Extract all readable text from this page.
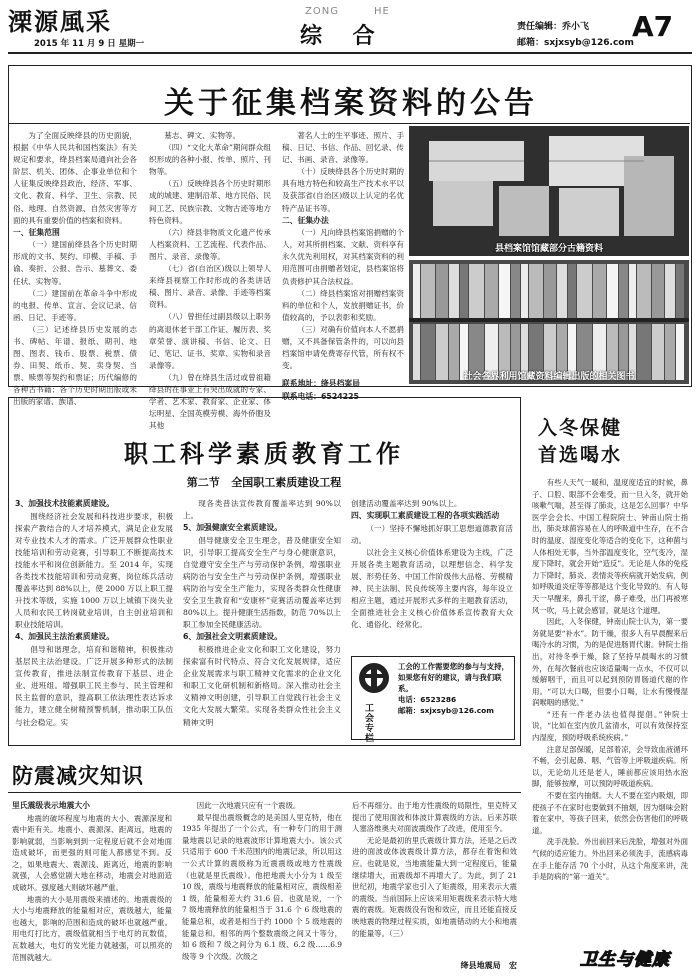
溧源風采
2015 年 11 月 9 日 星期一
ZONG	HE
综    合	责任编辑：乔小飞
邮箱：sxjxsyb@126.com
A7
关于征集档案资料的公告

为了全面反映绛县的历史面貌，根据《中华人民共和国档案法》有关规定和要求，绛县档案局通向社会各阶层、机关、团体、企事业单位和个人征集反映绛县政治、经济、军事、文化、教育、科学、卫生、宗教、民俗、地理、自然资源、自然灾害等方面的具有重要价值的档案和资料。

一、征集范围

（一）建国前绛县各个历史时期形成的文书、契约、印模、手稿、手谕、奏折、公报、告示、墓葬文、委任状、实物等。

（二）建国前在革命斗争中形成的电报、传单、宣言、会议记录、信函、日记、手迹等。

（三）记述绛县历史发展的志书、碑帖、年谱、报纸、期刊、地图、图表、钱币、股票、税票、债券、田契、纸币、契、卖身契、当票、赎票等契约和票证；历代编修的各种古书籍；各个历史时期出版或未出版的家谱、族谱、

墓志、碑文、实物等。

（四）“文化大革命”期间群众组织形成的各种小报、传单、照片、刊物等。

（五）反映绛县各个历史时期形成的城建、建制沿革、地方民俗、民间工艺、民族宗教、文物古迹等地方特色资料。

（六）绛县非物质文化遗产传承人档案资料、工艺流程、代表作品、图片、录音、录像等。

（七）省(自治区)级以上领导人来绛县视察工作时形成的各类讲话稿、图片、录音、录像、手迹等档案资料。

（八）曾担任过副县级以上职务的离退休老干部工作证、履历表、奖章荣誉、演讲稿、书信、论文、日记、笔记、证书、奖章、实物和录音录像等。

（九）曾在绛县生活过或曾祖籍绛县的在事业上有突出成就的专家、学者、艺术家、教育家、企业家、体坛明星、全国英模劳模、海外侨胞及其他

著名人士的生平事迹、照片、手稿、日记、书信、作品、回忆录、传记、书画、录音、录像等。

（十）反映绛县各个历史时期的具有地方特色和较高生产技术水平以及获部省(自治区)级以上认定的名优特产品证书等。

二、征集办法

（一）凡向绛县档案馆捐赠的个人，对其所捐档案、文献、资料享有永久优先利用权，对其档案资料的利用范围可由捐赠者划定，县档案馆将负责修护其合法权益。

（二）绛县档案馆对捐赠档案资料的单位和个人，发放捐赠证书，价值较高的，予以表彰和奖励。

（三）对确有价值向本人不愿捐赠，又不具备保管条件的，可以向县档案馆申请免费寄存代管，所有权不变。

联系地址：绛县档案局
联系电话：6524225
县档案馆馆藏部分古籍资料
社会各界利用馆藏资料编辑出版的相关图书
职工科学素质教育工作
第二节   全国职工素质建设工程
3、加强技术技能素质建设。

围绕经济社会发展和科技进步要求，积极探索产教结合的人才培养模式，满足企业发展对专业技术人才的需求。广泛开展群众性职业技能培训和劳动竞赛，引导职工不断提高技术技能水平和岗位创新能力。至 2014 年，实现各类技术技能培训和劳动竞赛，岗位练兵活动覆盖率达到 88%以上，使 2000 万以上职工提升技术等级，实施 1000 万以上城镇下岗失业人员和农民工转岗就业培训，自主创业培训和职业技能培训。

4、加强民主法治素质建设。

倡导和谐理念，培育和谐精神，积极推动基层民主法治建设。广泛开展多种形式的法制宣传教育，推进法制宣传教育下基层、进企业、进班组。增强职工民主参与、民主管理和民主监督的意识，提高职工依法理性表达诉求能力，建立健全树精预警机制，推动职工队伍与社会稳定。实

现各类普法宣传教育覆盖率达到 90%以上。

5、加强健康安全素质建设。

倡导健康安全卫生理念，普及健康安全知识，引导职工提高安全生产与身心健康意识，自觉遵守安全生产与劳动保护条例，增强职业病防治与安全生产与劳动保护条例，增强职业病防治与安全生产能力，实现各类群众性健康安全卫生教育和“安康杯”竞赛活动覆盖率达到 80%以上。提升健康生活指数，防范 70%以上职工参加全民健康活动。

6、加强社会文明素质建设。

积极推进企业文化和职工文化建设，努力探索富有时代特点、符合文化发展规律，适应企业发展需求与职工精神文化需求的企业文化和职工文化研机制和新格局。深入推动社会主义精神文明创建，引导职工自觉践行社会主义文化大发展大繁荣。实现各类群众性社会主义精神文明

创建活动覆盖率达到 90%以上。

四、实现职工素质建设工程的各项实践活动

（一）坚持不懈地抓好职工思想道德教育活动。

以社会主义核心价值体系建设为主线，广泛开展各类主题教育活动，以理想信念、科学发展、形势任务、中国工作阶级伟大品格、劳模精神、民主法制、民良传统等主要内容，每年设立相应主题，通过开展形式多样的主题教育活动，全面推进社会主义核心价值体系宣传教育大众化、通俗化、经常化。

工会专栏
工会的工作需要您的参与与支持，如果您有好的建议，请与我们联系。
电话：6523286
邮箱：sxjxsyb@126.com
入冬保健
首选喝水

有些人天气一暖和，温度度适宜的时候，鼻子、口腔、眼部不会难受，而一旦入冬，就开始咳嗽气喘，甚至得了肺炎，这是怎么回事？中华医学会会长、中国工程院院士、钟南山院士指出，肺炎球菌容易在人的呼吸道中生存，在不合时的温度、湿度变化等适合的变化下，这种菌与人体相处无事，当外部温度变化，空气变冷，湿度下降时，就会开始“造反”。无论是人体的免疫力下降时，肺炎、表情炎等疾病就开始发病，例如呼吸道炎症等等都是这个变化导致的。有人每天一早醒来，鼻孔干涩，鼻子难受，出门再被寒风一吹，马上就会感冒，就是这个道理。

因此，入冬保健，钟南山院士认为，第一要务就是要“补水”。防干燥，很多人有早晨醒来后喝冷水的习惯，为的是促进肠胃代谢。钟院士指出，对待冬季干燥，除了坚持早晨喝水的习惯外，在每次餐前也应该适量喝一点水，不仅可以缓解咽干，而且可以起到预防胃肠道代谢的作用。“可以大口喝，但要小口喝，让水有慢慢湿润喉咽的感觉。”

“还有一件老办法也值得提倡。”钟院士说，“比如在室内放几盆清水，可以有效保持室内湿度，预防呼吸系统疾病。”

注意足部保暖，足部着凉，会导致血液循环不畅，会引起鼻、咽、气管等上呼吸道疾病。所以，无论幼儿还是老人，睡前都应该用热水泡脚，能够按摩，可以预防呼吸道疾病。

不要在室内抽烟。大人不要在室内吸烟，即使孩子不在家时也要做到不抽烟，因为烟味会附着在家中，等孩子回来，依然会伤害他们的呼吸道。

洗手洗脸。外出前回来后洗脸，增强对外面气候的适应能力。外出回来必须洗手，流感病毒在手上能存活 70 个小时，从这个角度来讲，洗手是防病的“第一道关”。

卫生与健康
防震减灾知识
里氏震级表示地震大小

地震的破坏程度与地震的大小、震源深度和震中距有关。地震小、震源深、距离远，地震的影响就弱，当影响到到一定程度后就不会对地面造成破坏，而更强的则可能人都感觉不到。反之，如果地震大、震源浅、距离近，地震的影响就强，人会感觉剧大地在移动，地震会对地面造成破坏。强度越大则破坏越严重。

地震的大小是用震级来描述的。地震震级的大小与地震释放的能量相对应，震级越大，能量也越大，影响的范围和造成的破坏也就越严重。用电灯打比方，震级值就相当于电灯的瓦数值，瓦数越大，电灯的发光能力就越强，可以照亮的范围就越大。

因此一次地震只应有一个震级。

最早提出震级概念的是美国人里克特，他在 1935 年提出了一个公式，有一种专门的用于测量地震以记录的地震波形计算地震大小。该公式只适用于 600 千米范围内的地震记录，所以用这一公式计算的震级称为近震震级或地方性震级（也就是里氏震级）。他把地震大小分为 1 级至 10 级，震级与地震释放的能量相对应，震级相差 1 级，能量相差大约 31.6 倍。也就是说，一个 7 级地震释放的能量相当于 31.6 个 6 级地震的能量总和，或者是相当于约 1000 个 5 级地震的能量总和。相邻的两个整数震级之间又十等分，如 6 级和 7 级之间分为 6.1 级、6.2 级……6.9 级等 9 个次级。次级之

后不再细分。由于地方性震级的局限性，里克特又提出了使用面波和体波计算震级的方法。后来苏联人塞洛维奥夫对面波震级作了改进，使用至今。

无论是最初的里氏震级计算方法，还是之后改进的面波或体波震级计算方法，都存在着饱和效应。也就是说，当地震能量大到一定程度后，能量继续增大，而震级却不再增大了。为此，到了 21 世纪初，地震学家也引入了矩震级，用来表示大震的震级。当前国际上应该采用矩震级来表示特大地震的震级。矩震级没有饱和效应，而且还能直接反映地震的物理过程实质，如地震错动的大小和地震的能量等。（三）

绛县地震局   宏
